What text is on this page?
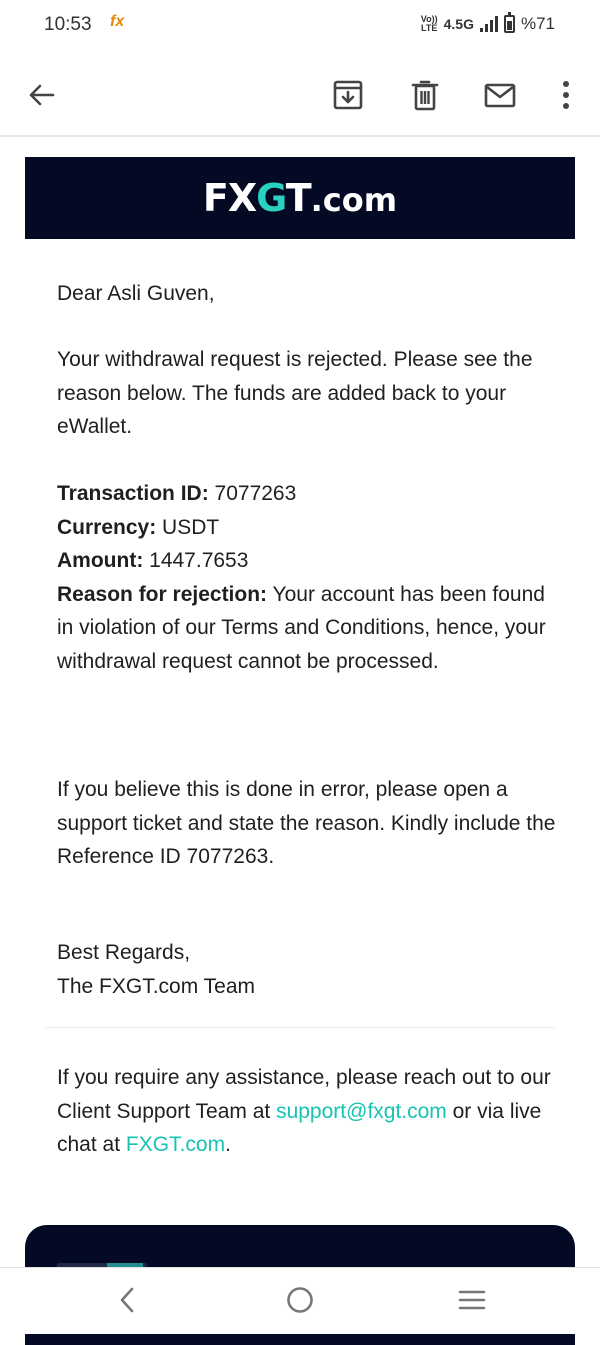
10:53 fx	Vo))
LTE 4.5G	%71
FXGT.com
Dear Asli Guven,
Your withdrawal request is rejected. Please see the reason below. The funds are added back to your eWallet.
Transaction ID: 7077263
Currency: USDT
Amount: 1447.7653
Reason for rejection: Your account has been found in violation of our Terms and Conditions, hence, your withdrawal request cannot be processed.
If you believe this is done in error, please open a support ticket and state the reason. Kindly include the Reference ID 7077263.
Best Regards,
The FXGT.com Team
If you require any assistance, please reach out to our Client Support Team at support@fxgt.com or via live chat at FXGT.com.
